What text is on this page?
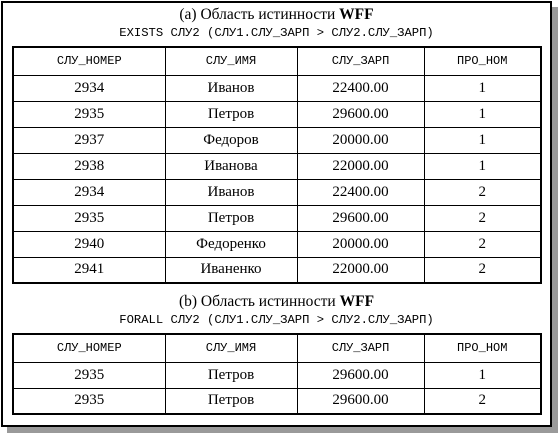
(a) Область истинности WFF
EXISTS СЛУ2 (СЛУ1.СЛУ_ЗАРП > СЛУ2.СЛУ_ЗАРП)
СЛУ_НОМЕР	СЛУ_ИМЯ	СЛУ_ЗАРП	ПРО_НОМ
2934	Иванов	22400.00	1
2935	Петров	29600.00	1
2937	Федоров	20000.00	1
2938	Иванова	22000.00	1
2934	Иванов	22400.00	2
2935	Петров	29600.00	2
2940	Федоренко	20000.00	2
2941	Иваненко	22000.00	2
(b) Область истинности WFF
FORALL СЛУ2 (СЛУ1.СЛУ_ЗАРП > СЛУ2.СЛУ_ЗАРП)
СЛУ_НОМЕР	СЛУ_ИМЯ	СЛУ_ЗАРП	ПРО_НОМ
2935	Петров	29600.00	1
2935	Петров	29600.00	2
